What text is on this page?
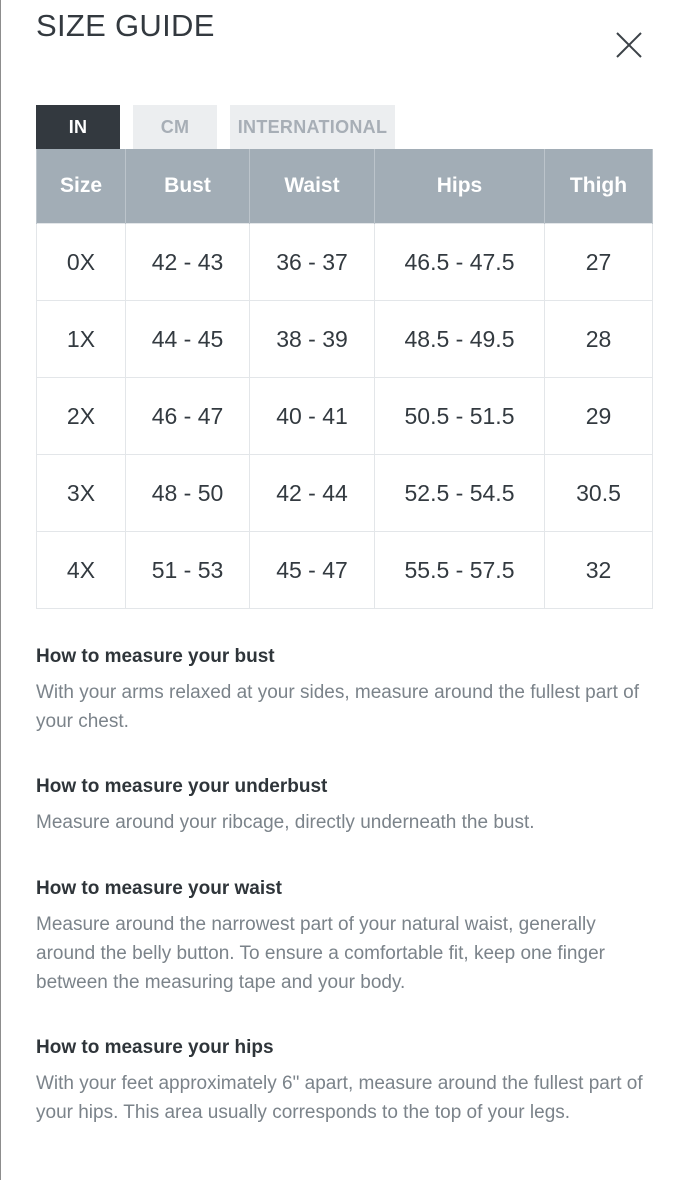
SIZE GUIDE
IN	CM	INTERNATIONAL
Size	Bust	Waist	Hips	Thigh
0X	42 - 43	36 - 37	46.5 - 47.5	27
1X	44 - 45	38 - 39	48.5 - 49.5	28
2X	46 - 47	40 - 41	50.5 - 51.5	29
3X	48 - 50	42 - 44	52.5 - 54.5	30.5
4X	51 - 53	45 - 47	55.5 - 57.5	32
How to measure your bust

With your arms relaxed at your sides, measure around the fullest part of your chest.

How to measure your underbust

Measure around your ribcage, directly underneath the bust.

How to measure your waist

Measure around the narrowest part of your natural waist, generally around the belly button. To ensure a comfortable fit, keep one finger between the measuring tape and your body.

How to measure your hips

With your feet approximately 6" apart, measure around the fullest part of your hips. This area usually corresponds to the top of your legs.
